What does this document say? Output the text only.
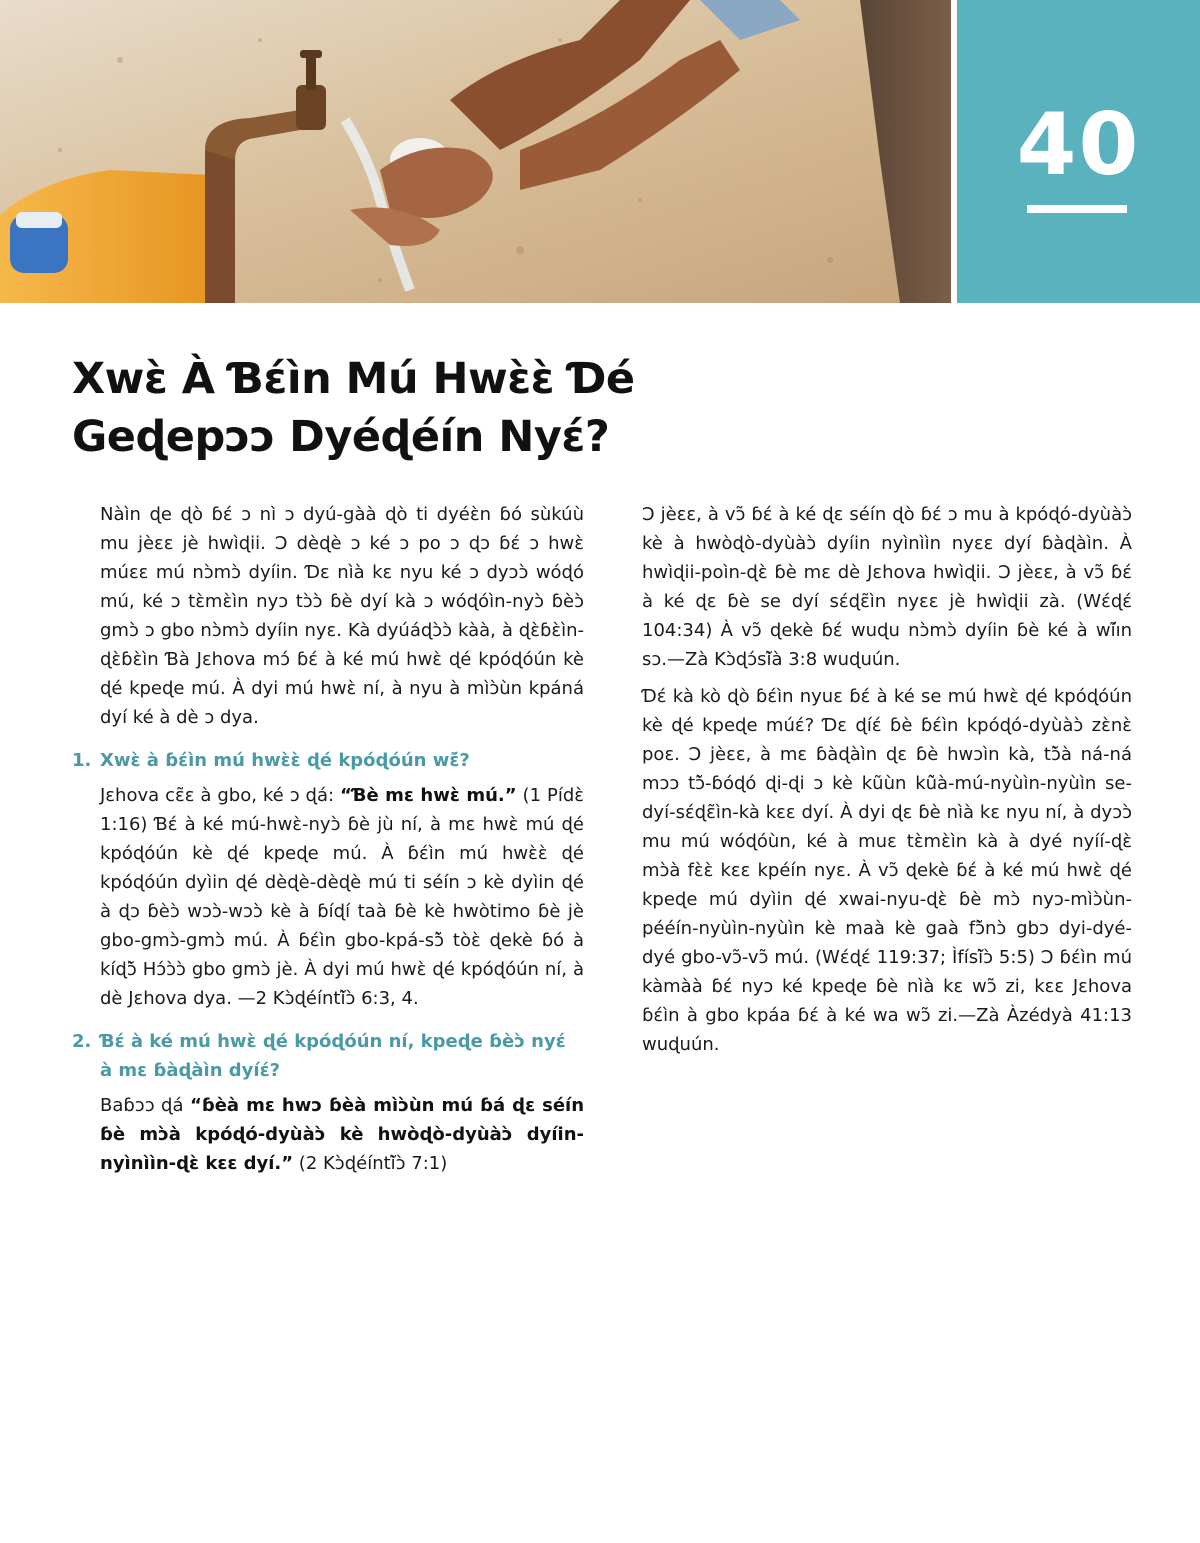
40
Xwɛ̀ À Ɓɛ́ìn Mú Hwɛ̀ɛ̀ Ɗé
Geɖepɔɔ Dyéɖéín Nyɛ́?

Nàìn ɖe ɖò ɓɛ́ ɔ nì ɔ dyú-gàà ɖò ti dyéɛ̀n ɓó sùkúù mu jèɛɛ jè hwìɖii. Ɔ dèɖè ɔ ké ɔ po ɔ ɖɔ ɓɛ́ ɔ hwɛ̀ múɛɛ mú nɔ̀mɔ̀ dyíin. Ɗɛ nìà kɛ nyu ké ɔ dyɔɔ̀ wóɖó mú, ké ɔ tɛ̀mɛ̀ìn nyɔ tɔ̀ɔ̀ ɓè dyí kà ɔ wóɖóìn-nyɔ̀ ɓèɔ̀ gmɔ̀ ɔ gbo nɔ̀mɔ̀ dyíin nyɛ. Kà dyúáɖɔ̀ɔ̀ kàà, à ɖɛ̀ɓɛ̀ìn-ɖɛ̀ɓɛ̀ìn Ɓà Jɛhova mɔ́ ɓɛ́ à ké mú hwɛ̀ ɖé kpóɖóún kè ɖé kpeɖe mú. À dyi mú hwɛ̀ ní, à nyu à mìɔ̀ùn kpáná dyí ké à dè ɔ dya.

1. Xwɛ̀ à ɓɛ́ìn mú hwɛ̀ɛ̀ ɖé kpóɖóún wɛ̃́?

Jɛhova cɛ̃ɛ à gbo, ké ɔ ɖá: “Ɓè mɛ hwɛ̀ mú.” (1 Pídɛ̀ 1:16) Ɓɛ́ à ké mú-hwɛ̀-nyɔ̀ ɓè jù ní, à mɛ hwɛ̀ mú ɖé kpóɖóún kè ɖé kpeɖe mú. À ɓɛ́ìn mú hwɛ̀ɛ̀ ɖé kpóɖóún dyìin ɖé dèɖè-dèɖè mú ti séín ɔ kè dyìin ɖé à ɖɔ ɓèɔ̀ wɔɔ̀-wɔɔ̀ kè à ɓíɖí taà ɓè kè hwòtimo ɓè jè gbo-gmɔ̀-gmɔ̀ mú. À ɓɛ́ìn gbo-kpá-sɔ̃̀ tòɛ̀ ɖekè ɓó à kíɖɔ̃̀ Hɔ́ɔ̀ɔ̀ gbo gmɔ̀ jè. À dyi mú hwɛ̀ ɖé kpóɖóún ní, à dè Jɛhova dya. —2 Kɔ̀ɖéíntı̃̀ɔ̀ 6:3, 4.

2. Ɓɛ́ à ké mú hwɛ̀ ɖé kpóɖóún ní, kpeɖe ɓèɔ̀ nyɛ́ à mɛ ɓàɖàìn dyíɛ́?

Baɓɔɔ ɖá “ɓèà mɛ hwɔ ɓèà mìɔ̀ùn mú ɓá ɖɛ séín ɓè mɔ̀à kpóɖó-dyùàɔ̀ kè hwòɖò-dyùàɔ̀ dyíin-nyìnììn-ɖɛ̀ kɛɛ dyí.” (2 Kɔ̀ɖéíntı̃̀ɔ̀ 7:1)

Ɔ jèɛɛ, à vɔ̃ ɓɛ́ à ké ɖɛ séín ɖò ɓɛ́ ɔ mu à kpóɖó-dyùàɔ̀ kè à hwòɖò-dyùàɔ̀ dyíin nyìnììn nyɛɛ dyí ɓàɖàìn. À hwìɖii-poìn-ɖɛ̀ ɓè mɛ dè Jɛhova hwìɖii. Ɔ jèɛɛ, à vɔ̃ ɓɛ́ à ké ɖɛ ɓè se dyí sɛ́ɖɛ̃ìn nyɛɛ jè hwìɖii zà. (Wɛ́ɖɛ́ 104:34) À vɔ̃ ɖekè ɓɛ́ wuɖu nɔ̀mɔ̀ dyíin ɓè ké à wı̃́ın sɔ.—Zà Kɔ̀ɖɔ́sı̃̀à 3:8 wuɖuún.

Ɗɛ́ kà kò ɖò ɓɛ́ìn nyuɛ ɓɛ́ à ké se mú hwɛ̀ ɖé kpóɖóún kè ɖé kpeɖe múɛ́? Ɗɛ ɖíɛ́ ɓè ɓɛ́ìn kpóɖó-dyùàɔ̀ zɛ̀nɛ̀ poɛ. Ɔ jèɛɛ, à mɛ ɓàɖàìn ɖɛ ɓè hwɔìn kà, tɔ̃̀à ná-ná mɔɔ tɔ̃̀-ɓóɖó ɖi-ɖi ɔ kè kũùn kũ̀à-mú-nyùìn-nyùìn se-dyí-sɛ́ɖɛ̃ìn-kà kɛɛ dyí. À dyi ɖɛ ɓè nìà kɛ nyu ní, à dyɔɔ̀ mu mú wóɖóùn, ké à muɛ tɛ̀mɛ̀ìn kà à dyé nyíí-ɖɛ̀ mɔ̀à fɛ̀ɛ̀ kɛɛ kpéín nyɛ. À vɔ̃ ɖekè ɓɛ́ à ké mú hwɛ̀ ɖé kpeɖe mú dyìin ɖé xwai-nyu-ɖɛ̀ ɓè mɔ̀ nyɔ-mìɔ̀ùn-pééín-nyùìn-nyùìn kè maà kè gaà fɔ̃̀nɔ̀ gbɔ dyi-dyé-dyé gbo-vɔ̃-vɔ̃ mú. (Wɛ́ɖɛ́ 119:37; Ìfísı̃̀ɔ̀ 5:5) Ɔ ɓɛ́ìn mú kàmàà ɓɛ́ nyɔ ké kpeɖe ɓè nìà kɛ wɔ̃ zi, kɛɛ Jɛhova ɓɛ́ìn à gbo kpáa ɓɛ́ à ké wa wɔ̃ zi.—Zà Àzédyà 41:13 wuɖuún.
